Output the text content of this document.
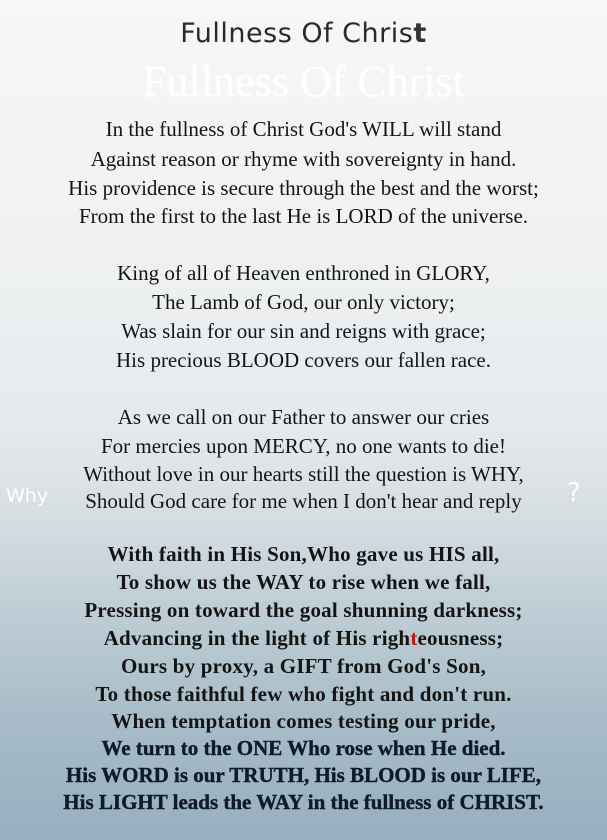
Fullness Of Christ
Fullness Of Christ
In the fullness of Christ God's WILL will stand
Against reason or rhyme with sovereignty in hand.
His providence is secure through the best and the worst;
From the first to the last He is LORD of the universe.
King of all of Heaven enthroned in GLORY,
The Lamb of God, our only victory;
Was slain for our sin and reigns with grace;
His precious BLOOD covers our fallen race.
As we call on our Father to answer our cries
For mercies upon MERCY, no one wants to die!
Without love in our hearts still the question is WHY,
Should God care for me when I don't hear and reply
With faith in His Son,Who gave us HIS all,
To show us the WAY to rise when we fall,
Pressing on toward the goal shunning darkness;
Advancing in the light of His righteousness;
Ours by proxy, a GIFT from God's Son,
To those faithful few who fight and don't run.
When temptation comes testing our pride,
We turn to the ONE Who rose when He died.
His WORD is our TRUTH, His BLOOD is our LIFE,
His LIGHT leads the WAY in the fullness of CHRIST.
Why	?
